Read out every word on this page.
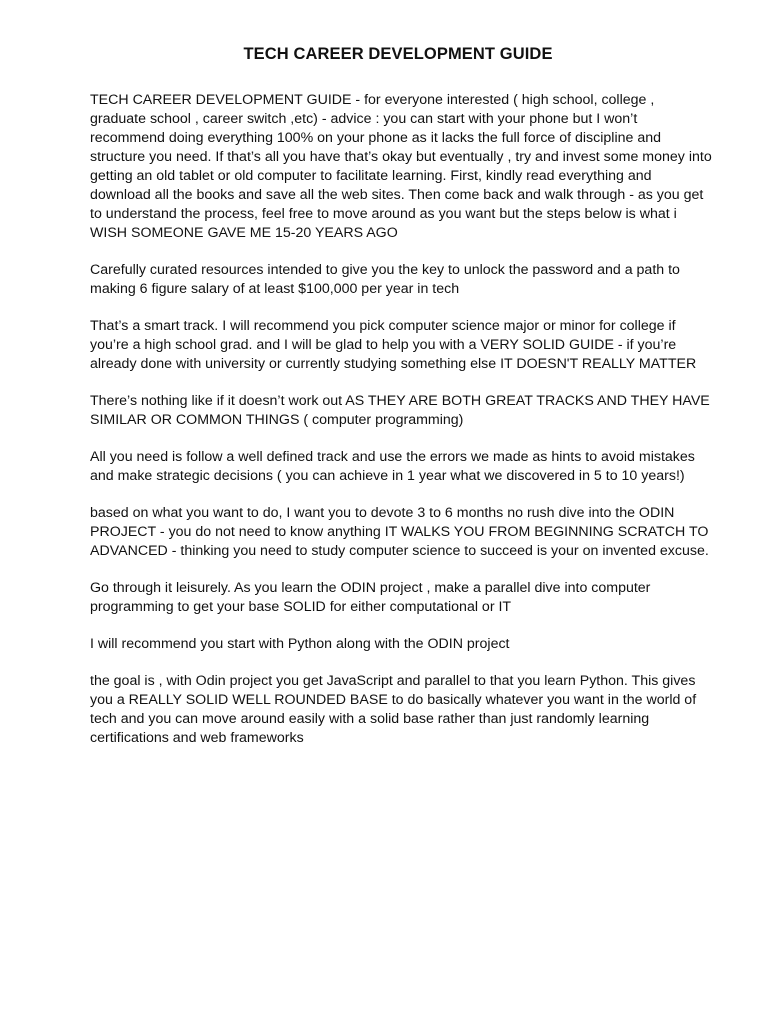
TECH CAREER DEVELOPMENT GUIDE

TECH CAREER DEVELOPMENT GUIDE - for everyone interested ( high school, college , graduate school , career switch ,etc) - advice : you can start with your phone but I won’t recommend doing everything 100% on your phone as it lacks the full force of discipline and structure you need. If that’s all you have that’s okay but eventually , try and invest some money into getting an old tablet or old computer to facilitate learning. First, kindly read everything and download all the books and save all the web sites. Then come back and walk through - as you get to understand the process, feel free to move around as you want but the steps below is what i WISH SOMEONE GAVE ME 15-20 YEARS AGO

Carefully curated resources intended to give you the key to unlock the password and a path to making 6 figure salary of at least $100,000 per year in tech

That’s a smart track. I will recommend you pick computer science major or minor for college if you’re a high school grad. and I will be glad to help you with a VERY SOLID GUIDE - if you’re already done with university or currently studying something else IT DOESN'T REALLY MATTER

There’s nothing like if it doesn’t work out AS THEY ARE BOTH GREAT TRACKS AND THEY HAVE SIMILAR OR COMMON THINGS ( computer programming)

All you need is follow a well defined track and use the errors we made as hints to avoid mistakes and make strategic decisions ( you can achieve in 1 year what we discovered in 5 to 10 years!)

based on what you want to do, I want you to devote 3 to 6 months no rush dive into the ODIN PROJECT - you do not need to know anything IT WALKS YOU FROM BEGINNING SCRATCH TO ADVANCED - thinking you need to study computer science to succeed is your on invented excuse.

Go through it leisurely. As you learn the ODIN project , make a parallel dive into computer programming to get your base SOLID for either computational or IT

I will recommend you start with Python along with the ODIN project

the goal is , with Odin project you get JavaScript and parallel to that you learn Python. This gives you a REALLY SOLID WELL ROUNDED BASE to do basically whatever you want in the world of tech and you can move around easily with a solid base rather than just randomly learning certifications and web frameworks
